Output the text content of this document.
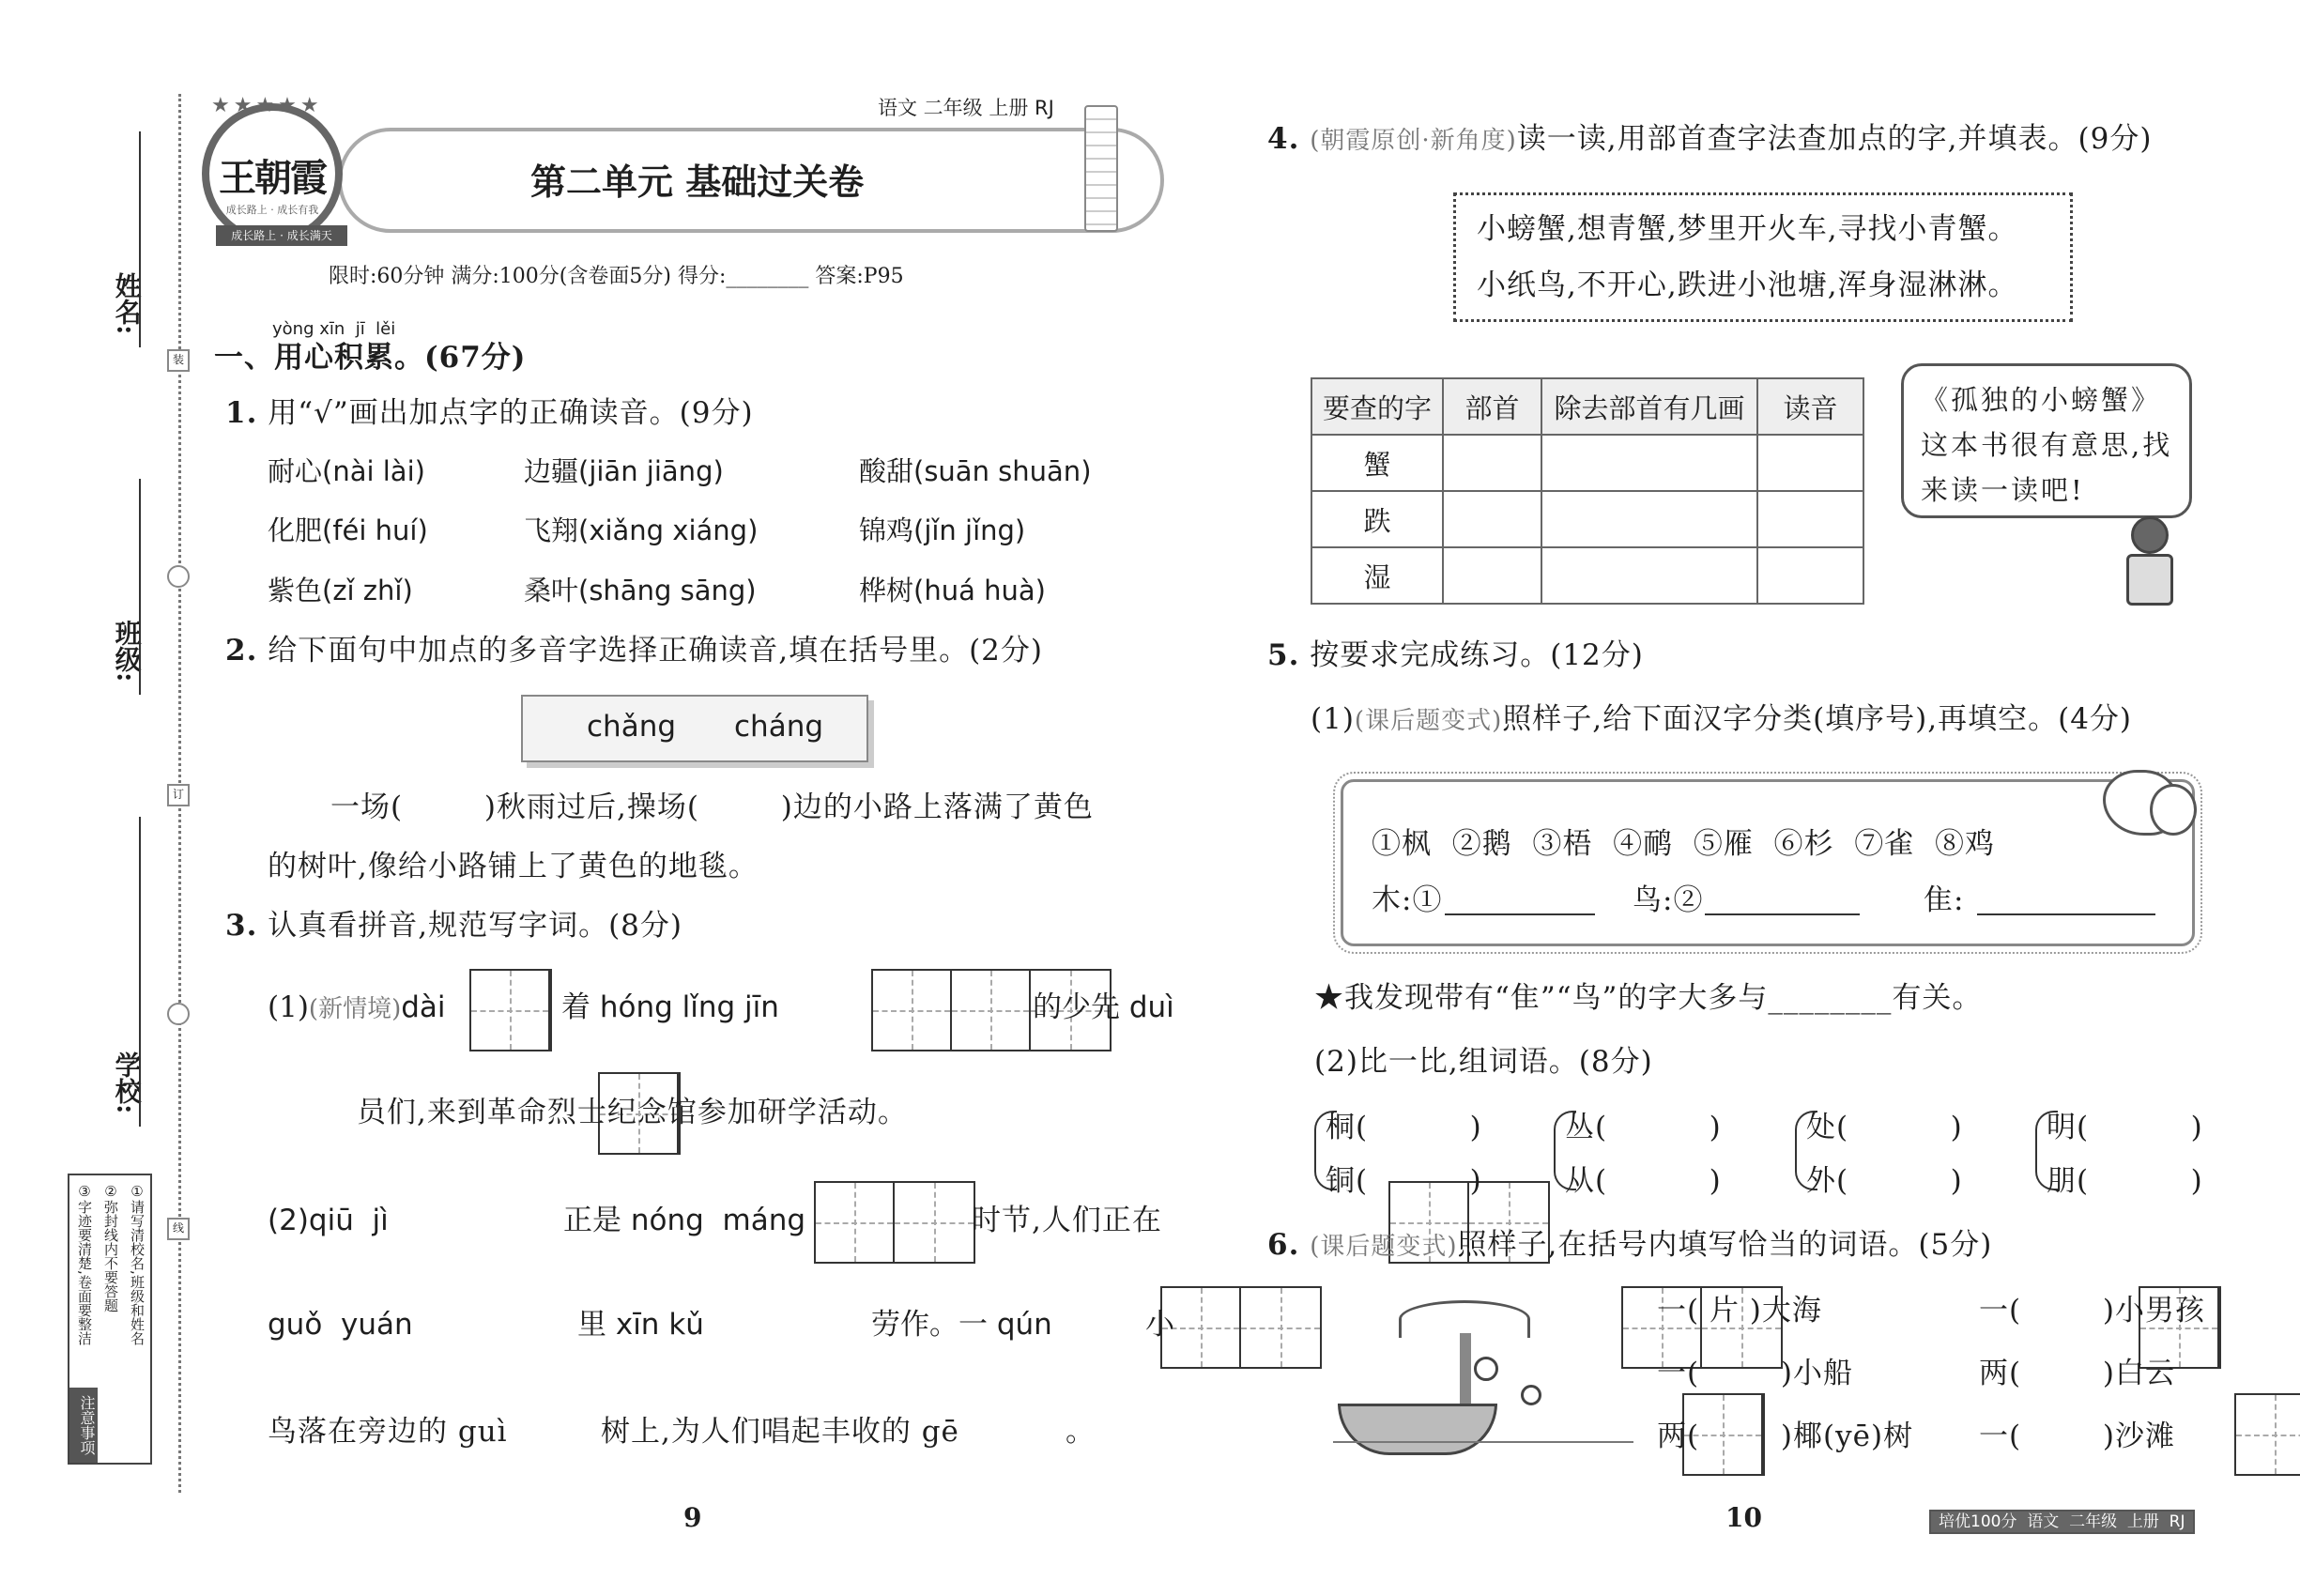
姓名:
班级:
学校:
注意事项
①请写清校名,班级和姓名
②弥封线内不要答题
③字迹要清楚,卷面要整洁
装
订
线
王朝霞
成长路上 · 成长有我
成长路上 · 成长满天
★★★★★	语文 二年级 上册 RJ
第二单元 基础过关卷
限时:60分钟 满分:100分(含卷面5分) 得分:________ 答案:P95
yòng xīn  jī  lěi
一、用心积累。(67分)
1. 用“√”画出加点字的正确读音。(9分)
耐心(nài lài)	边疆(jiān jiāng)	酸甜(suān shuān)
化肥(féi huí)	飞翔(xiǎng xiáng)	锦鸡(jǐn jǐng)
紫色(zǐ zhǐ)	桑叶(shāng sāng)	桦树(huá huà)
2. 给下面句中加点的多音字选择正确读音,填在括号里。(2分)
chǎng cháng
一场(        )秋雨过后,操场(        )边的小路上落满了黄色
的树叶,像给小路铺上了黄色的地毯。
3. 认真看拼音,规范写字词。(8分)
(1)(新情境)dài
	着 hóng lǐng jīn
	的少先 duì

员们,来到革命烈士纪念馆参加研学活动。
(2)qiū  jì
	正是 nóng  máng
	时节,人们正在
guǒ  yuán
	里 xīn kǔ
	劳作。一 qún
	小
鸟落在旁边的 guì
	树上,为人们唱起丰收的 gē	。
9
4. (朝霞原创·新角度)读一读,用部首查字法查加点的字,并填表。(9分)
小螃蟹,想青蟹,梦里开火车,寻找小青蟹。
小纸鸟,不开心,跌进小池塘,浑身湿淋淋。
要查的字	部首	除去部首有几画	读音
蟹			
跌			
湿			
《孤独的小螃蟹》这本书很有意思,找来读一读吧!
5. 按要求完成练习。(12分)
(1)(课后题变式)照样子,给下面汉字分类(填序号),再填空。(4分)
①枫  ②鹅  ③梧  ④鸸  ⑤雁  ⑥杉  ⑦雀  ⑧鸡
木:①	鸟:②	隹:
★我发现带有“隹”“鸟”的字大多与________有关。
(2)比一比,组词语。(8分)
桐(          )
铜(          )
丛(          )
从(          )
处(          )
外(          )
明(          )
朋(          )
6. (课后题变式)照样子,在括号内填写恰当的词语。(5分)
一( 片 )大海	一(        )小男孩
一(        )小船	两(        )白云
两(        )椰(yē)树 一(        )沙滩
10	培优100分  语文  二年级  上册  RJ
